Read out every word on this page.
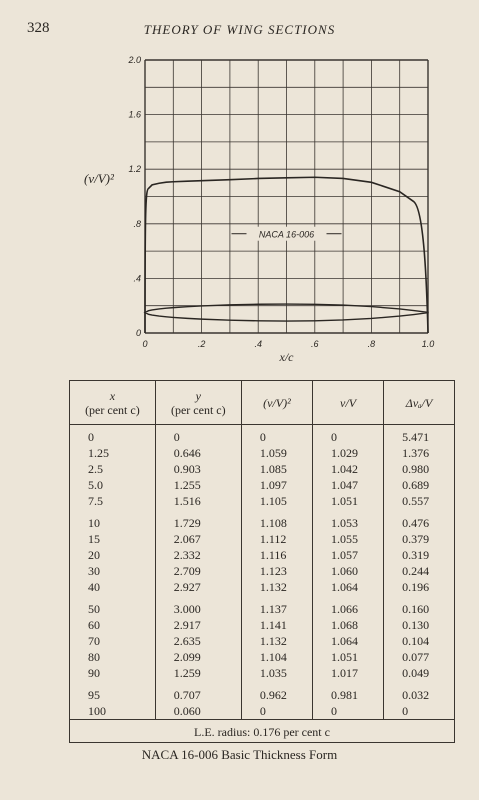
328	THEORY OF WING SECTIONS
0	.2	.4	.6	.8	1.0
0
.4
.8
1.2
1.6
2.0
x/c
(v/V)²
NACA 16-006
x
(per cent c)	y
(per cent c)	(v/V)²	v/V	Δvₐ/V

0	0	0	0	5.471
1.25	0.646	1.059	1.029	1.376
2.5	0.903	1.085	1.042	0.980
5.0	1.255	1.097	1.047	0.689
7.5	1.516	1.105	1.051	0.557
10	1.729	1.108	1.053	0.476
15	2.067	1.112	1.055	0.379
20	2.332	1.116	1.057	0.319
30	2.709	1.123	1.060	0.244
40	2.927	1.132	1.064	0.196
50	3.000	1.137	1.066	0.160
60	2.917	1.141	1.068	0.130
70	2.635	1.132	1.064	0.104
80	2.099	1.104	1.051	0.077
90	1.259	1.035	1.017	0.049
95	0.707	0.962	0.981	0.032
100	0.060	0	0	0
L.E. radius: 0.176 per cent c				
NACA 16-006 Basic Thickness Form
